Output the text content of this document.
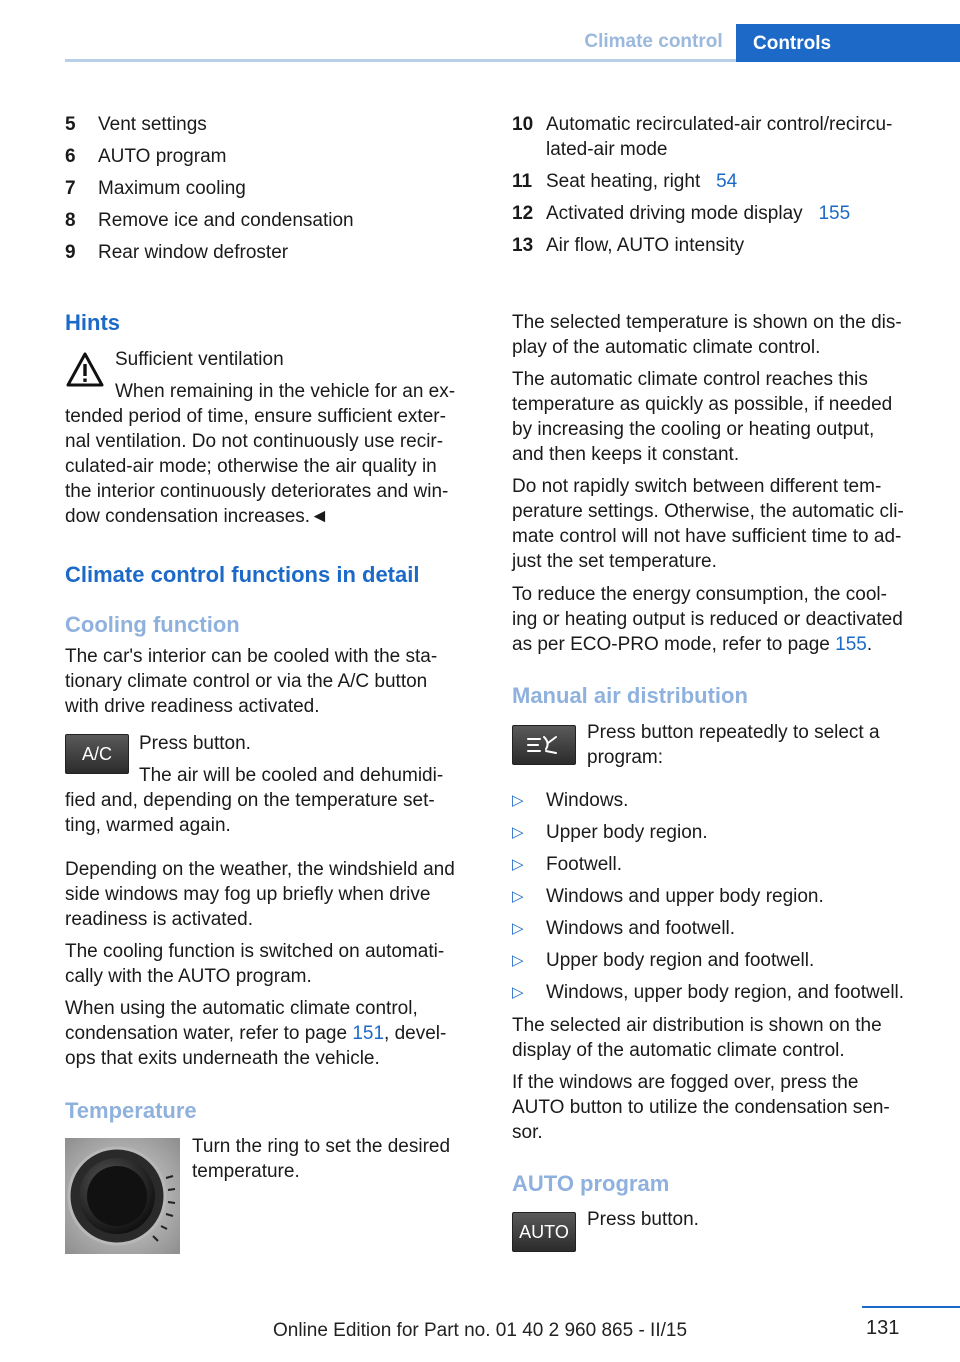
Climate control	Controls
5 Vent settings
6 AUTO program
7 Maximum cooling
8 Remove ice and condensation
9 Rear window defroster
10 Automatic recirculated-air control/recircu-
lated-air mode
11 Seat heating, right 54
12 Activated driving mode display 155
13 Air flow, AUTO intensity
Hints
Sufficient ventilation
When remaining in the vehicle for an ex-
tended period of time, ensure sufficient exter-
nal ventilation. Do not continuously use recir-
culated-air mode; otherwise the air quality in
the interior continuously deteriorates and win-
dow condensation increases.◄
Climate control functions in detail
Cooling function
The car's interior can be cooled with the sta-
tionary climate control or via the A/C button
with drive readiness activated.
A/C	Press button.
The air will be cooled and dehumidi-
fied and, depending on the temperature set-
ting, warmed again.
Depending on the weather, the windshield and
side windows may fog up briefly when drive
readiness is activated.
The cooling function is switched on automati-
cally with the AUTO program.
When using the automatic climate control,
condensation water, refer to page 151, devel-
ops that exits underneath the vehicle.
Temperature
Turn the ring to set the desired
temperature.
The selected temperature is shown on the dis-
play of the automatic climate control.
The automatic climate control reaches this
temperature as quickly as possible, if needed
by increasing the cooling or heating output,
and then keeps it constant.
Do not rapidly switch between different tem-
perature settings. Otherwise, the automatic cli-
mate control will not have sufficient time to ad-
just the set temperature.
To reduce the energy consumption, the cool-
ing or heating output is reduced or deactivated
as per ECO-PRO mode, refer to page 155.
Manual air distribution
Press button repeatedly to select a
program:
▷ Windows.
▷ Upper body region.
▷ Footwell.
▷ Windows and upper body region.
▷ Windows and footwell.
▷ Upper body region and footwell.
▷ Windows, upper body region, and footwell.
The selected air distribution is shown on the
display of the automatic climate control.
If the windows are fogged over, press the
AUTO button to utilize the condensation sen-
sor.
AUTO program
AUTO
Press button.
131
Online Edition for Part no. 01 40 2 960 865 - II/15
